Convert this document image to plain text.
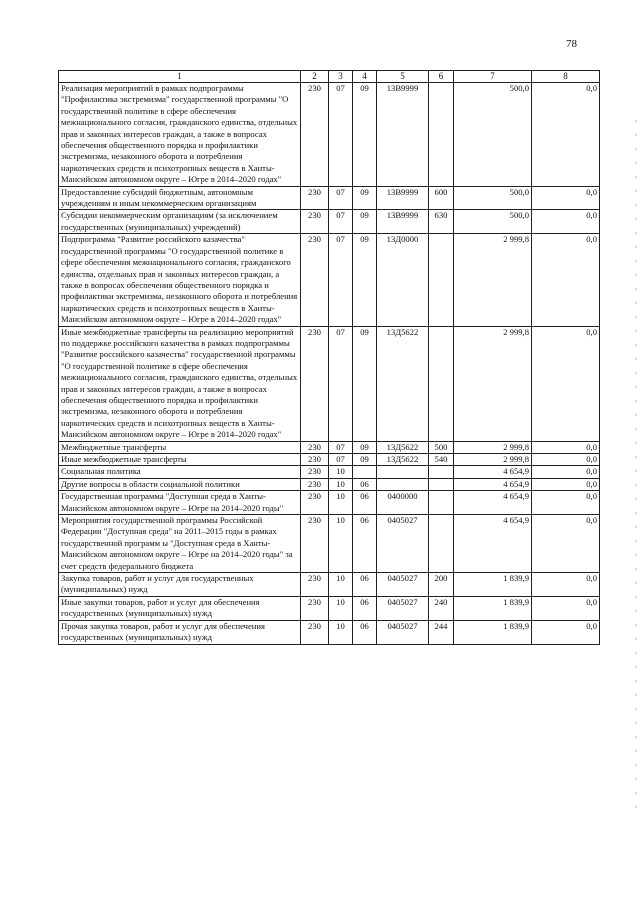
78
1	2	3	4	5	6	7	8
Реализация мероприятий в рамках подпрограммы "Профилактика экстремизма" государственной программы "О государственной политике в сфере обеспечения межнационального согласия, гражданского единства, отдельных прав и законных интересов граждан, а также в вопросах обеспечения общественного порядка и профилактики экстремизма, незаконного оборота и потребления наркотических средств и психотропных веществ в Ханты-Мансийском автономном округе – Югре в 2014–2020 годах"	230	07	09	13В9999		500,0	0,0
Предоставление субсидий бюджетным, автономным учреждениям и иным некоммерческим организациям	230	07	09	13В9999	600	500,0	0,0
Субсидии некоммерческим организациям (за исключением государственных (муниципальных) учреждений)	230	07	09	13В9999	630	500,0	0,0
Подпрограмма "Развитие российского казачества" государственной программы "О государственной политике в сфере обеспечения межнационального согласия, гражданского единства, отдельных прав и законных интересов граждан, а также в вопросах обеспечения общественного порядка и профилактики экстремизма, незаконного оборота и потребления наркотических средств и психотропных веществ в Ханты-Мансийском автономном округе – Югре в 2014–2020 годах"	230	07	09	13Д0000		2 999,8	0,0
Иные межбюджетные трансферты на реализацию мероприятий по поддержке российского казачества в рамках подпрограммы "Развитие российского казачества" государственной программы "О государственной политике в сфере обеспечения межнационального согласия, гражданского единства, отдельных прав и законных интересов граждан, а также в вопросах обеспечения общественного порядка и профилактики экстремизма, незаконного оборота и потребления наркотических средств и психотропных веществ в Ханты-Мансийском автономном округе – Югре в 2014–2020 годах"	230	07	09	13Д5622		2 999,8	0,0
Межбюджетные трансферты	230	07	09	13Д5622	500	2 999,8	0,0
Иные межбюджетные трансферты	230	07	09	13Д5622	540	2 999,8	0,0
Социальная политика	230	10				4 654,9	0,0
Другие вопросы в области социальной политики	230	10	06			4 654,9	0,0
Государственная программа "Доступная среда в Ханты-Мансийском автономном округе – Югре на 2014–2020 годы"	230	10	06	0400000		4 654,9	0,0
Мероприятия государственной программы Российской Федерации "Доступная среда" на 2011–2015 годы в рамках государственной программ ы "Доступная среда в Ханты-Мансийском автономном округе – Югре на 2014–2020 годы" за счет средств федерального бюджета	230	10	06	0405027		4 654,9	0,0
Закупка товаров, работ и услуг для государственных (муниципальных) нужд	230	10	06	0405027	200	1 839,9	0,0
Иные закупки товаров, работ и услуг для обеспечения государственных (муниципальных) нужд	230	10	06	0405027	240	1 839,9	0,0
Прочая закупка товаров, работ и услуг для обеспечения государственных (муниципальных) нужд	230	10	06	0405027	244	1 839,9	0,0
